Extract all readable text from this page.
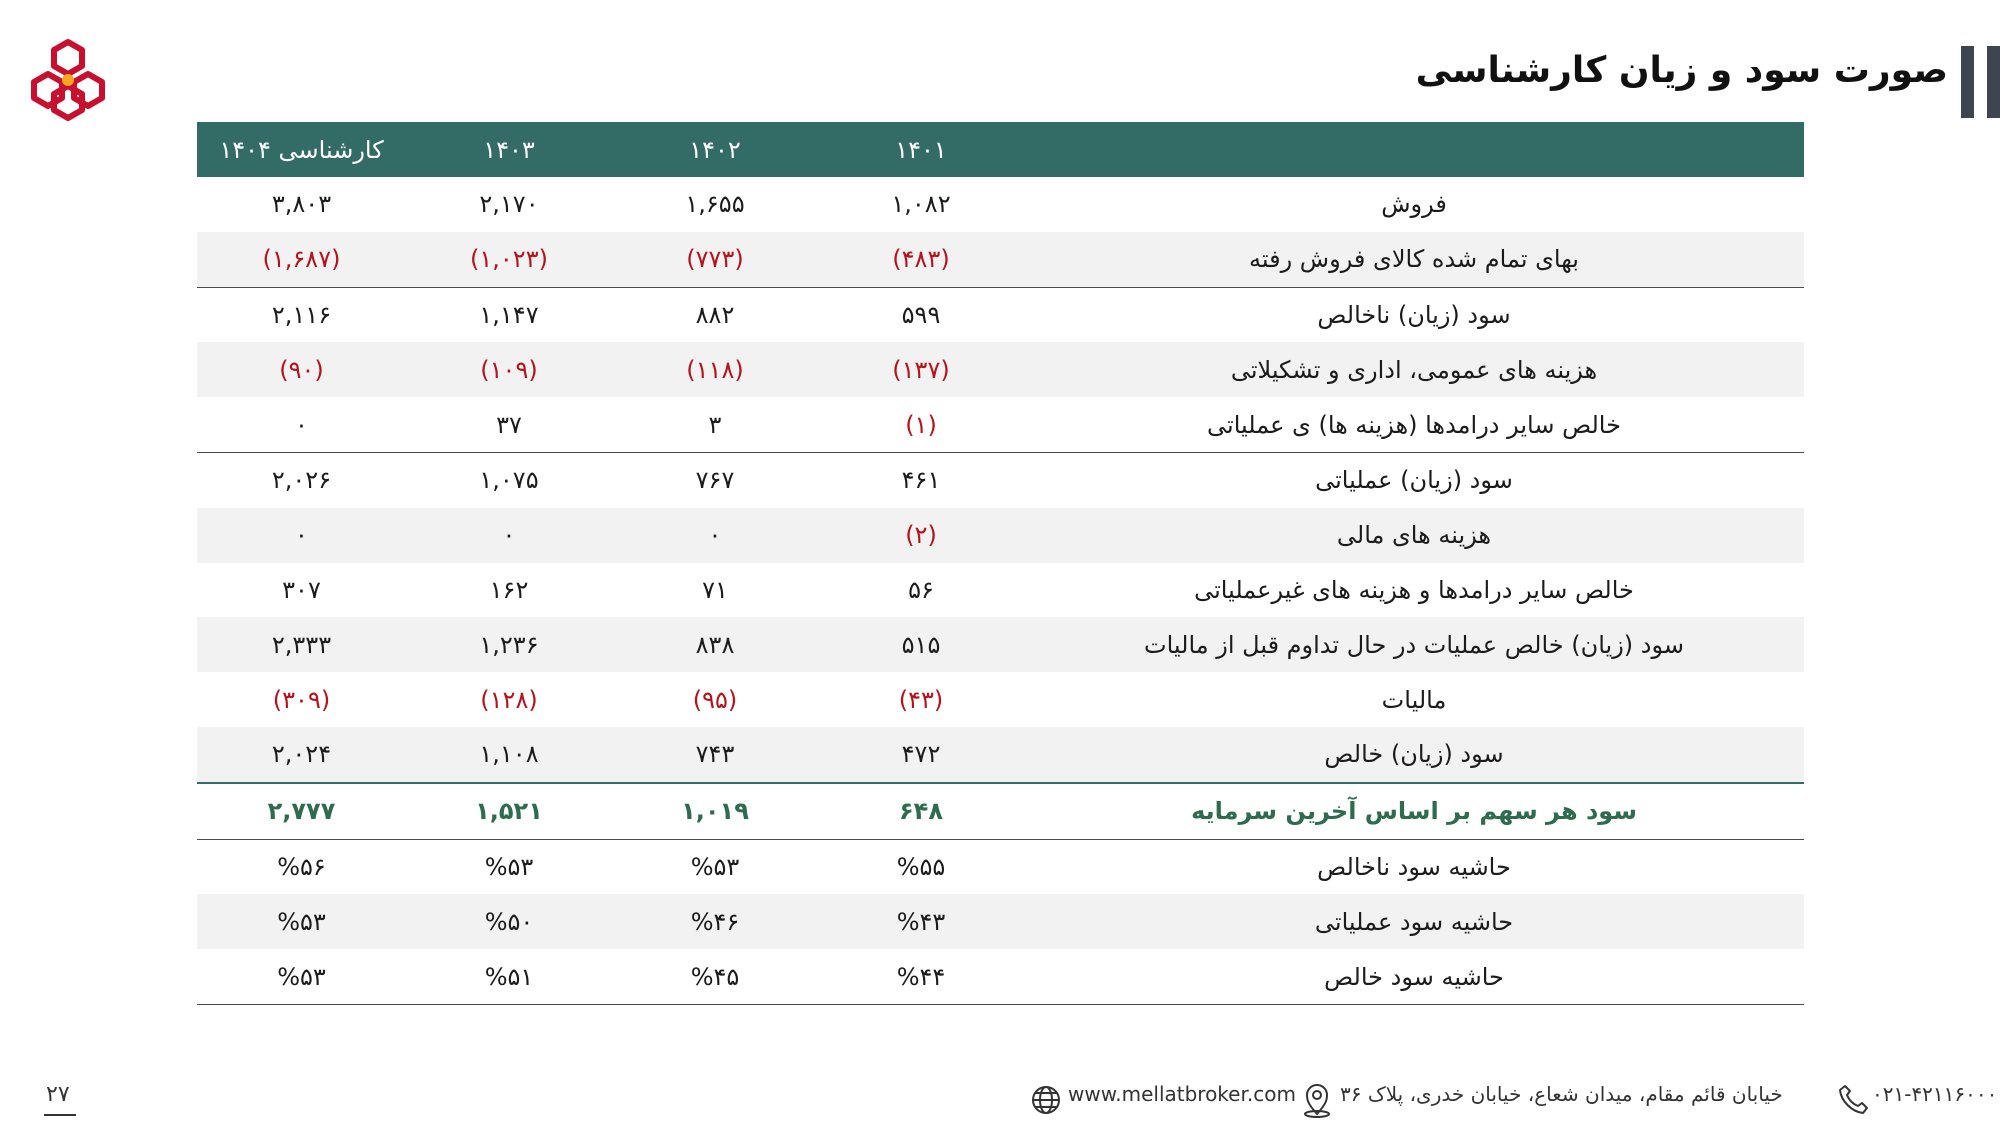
صورت سود و زیان کارشناسی
کارشناسی ۱۴۰۴	۱۴۰۳	۱۴۰۲	۱۴۰۱	
۳,۸۰۳	۲,۱۷۰	۱,۶۵۵	۱,۰۸۲	فروش
(۱,۶۸۷)	(۱,۰۲۳)	(۷۷۳)	(۴۸۳)	بهای تمام شده کالای فروش رفته
۲,۱۱۶	۱,۱۴۷	۸۸۲	۵۹۹	سود (زیان) ناخالص
(۹۰)	(۱۰۹)	(۱۱۸)	(۱۳۷)	هزینه های عمومی، اداری و تشکیلاتی
۰	۳۷	۳	(۱)	خالص سایر درامدها (هزینه ها) ی عملیاتی
۲,۰۲۶	۱,۰۷۵	۷۶۷	۴۶۱	سود (زیان) عملیاتی
۰	۰	۰	(۲)	هزینه های مالی
۳۰۷	۱۶۲	۷۱	۵۶	خالص سایر درامدها و هزینه های غیرعملیاتی
۲,۳۳۳	۱,۲۳۶	۸۳۸	۵۱۵	سود (زیان) خالص عملیات در حال تداوم قبل از مالیات
(۳۰۹)	(۱۲۸)	(۹۵)	(۴۳)	مالیات
۲,۰۲۴	۱,۱۰۸	۷۴۳	۴۷۲	سود (زیان) خالص
۲,۷۷۷	۱,۵۲۱	۱,۰۱۹	۶۴۸	سود هر سهم بر اساس آخرین سرمایه
%۵۶	%۵۳	%۵۳	%۵۵	حاشیه سود ناخالص
%۵۳	%۵۰	%۴۶	%۴۳	حاشیه سود عملیاتی
%۵۳	%۵۱	%۴۵	%۴۴	حاشیه سود خالص
۲۷	www.mellatbroker.com خیابان قائم مقام، میدان شعاع، خیابان خدری، پلاک ۳۶	۰۲۱-۴۲۱۱۶۰۰۰
